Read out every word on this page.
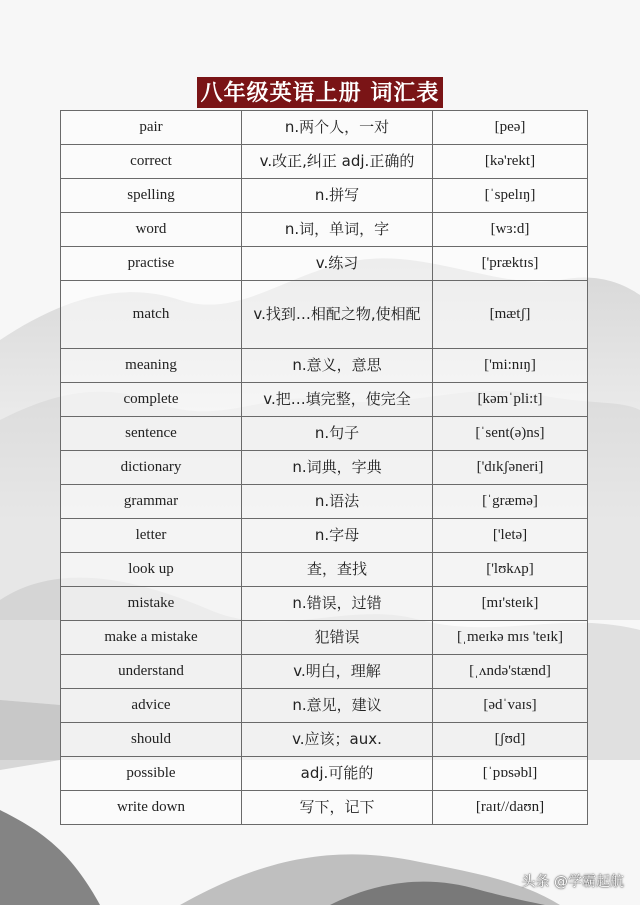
八年级英语上册 词汇表
pair	n.两个人，一对	[peə]
correct	v.改正,纠正 adj.正确的	[kə'rekt]
spelling	n.拼写	[ˈspelɪŋ]
word	n.词，单词，字	[wɜ:d]
practise	v.练习	['præktɪs]
match	v.找到…相配之物,使相配	[mætʃ]
meaning	n.意义，意思	['mi:nɪŋ]
complete	v.把…填完整，使完全	[kəmˈpli:t]
sentence	n.句子	[ˈsent(ə)ns]
dictionary	n.词典，字典	['dɪkʃəneri]
grammar	n.语法	[ˈgræmə]
letter	n.字母	['letə]
look up	查，查找	['lʊkʌp]
mistake	n.错误，过错	[mɪ'steɪk]
make a mistake	犯错误	[ˌmeɪkə mɪs 'teɪk]
understand	v.明白，理解	[ˌʌndə'stænd]
advice	n.意见，建议	[ədˈvaɪs]
should	v.应该；aux.	[ʃʊd]
possible	adj.可能的	[ˈpɒsəbl]
write down	写下，记下	[raɪt//daʊn]
头条 @学霸起航
